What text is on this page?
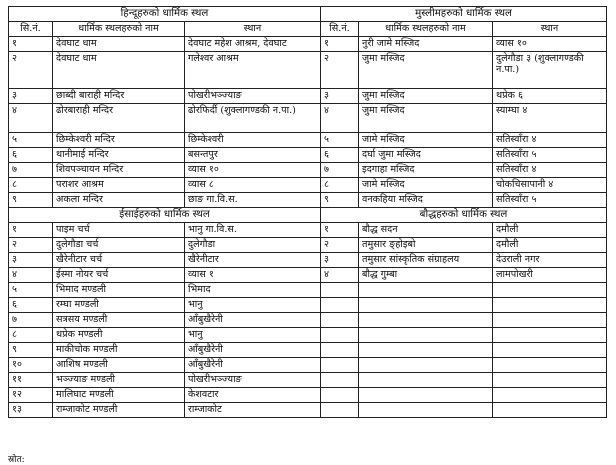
हिन्दूहरुको धार्मिक स्थल			मुस्लीमहरुको धार्मिक स्थल		
सि.नं.	धार्मिक स्थलहरुको नाम	स्थान	सि.नं.	धार्मिक स्थलहरुको नाम	स्थान
१	देवघाट धाम	देवघाट महेश आश्रम, देवघाट	१	नुरी जामे मस्जिद	व्यास १०
२	देवघाट धाम	गलेश्वर आश्रम	२	जुमा मस्जिद	दुलेगौडा ३ (शुक्लागण्डकी न.पा.)
३	छाब्दी बाराही मन्दिर	पोखरीभञ्ज्याङ	३	जुमा मस्जिद	थप्रेक ६
४	ढोरबाराही मन्दिर	ढोरफिर्दी (शुक्लागण्डकी न.पा.)	४	जुमा मस्जिद	स्याम्घा ४
५	छिम्केश्वरी मन्दिर	छिम्केश्वरी	५	जामे मस्जिद	सतिस्वाँरा ४
६	थानीमाई मन्दिर	बसन्तपुर	६	दर्घा जुमा मस्जिद	सतिस्वाँरा ५
७	शिवपञ्चायन मन्दिर	व्यास १०	७	इदगाहा मस्जिद	सतिस्वाँरा ४
८	पराशर आश्रम	व्यास ८	८	जामे मस्जिद	चोकचिसापानी ४
९	अकला मन्दिर	छाङ गा.वि.स.	९	वनकहिया मस्जिद	सतिस्वाँरा ५
ईसाईहरुको धार्मिक स्थल			बौद्धहरुको धार्मिक स्थल		
१	पाइम चर्च	भानु गा.वि.स.	१	बौद्ध सदन	दमौली
२	दुलेगौडा चर्च	दुलेगौडा	२	तमुसार ङ्होइबो	दमौली
३	खैरेनीटार चर्च	खैरेनीटार	३	तमुसार सांस्कृतिक संग्राहलय	देउराली नगर
४	ईस्मा नोयर चर्च	व्यास १	४	बौद्ध गुम्बा	लामपोखरी
५	भिमाद मण्डली	भिमाद			
६	रम्घा मण्डली	भानु			
७	सत्रसय मण्डली	आँबुखैरेनी			
८	थप्रेक मण्डली	भानु			
९	माकीचोक मण्डली	आँबुखैरेनी			
१०	आशिष मण्डली	आँबुखैरेनी			
११	भञ्ज्याङ मण्डली	पोखरीभञ्ज्याङ			
१२	मालिघाट मण्डली	केशवटार			
१३	राम्जाकोट मण्डली	राम्जाकोट			
स्रोत:
